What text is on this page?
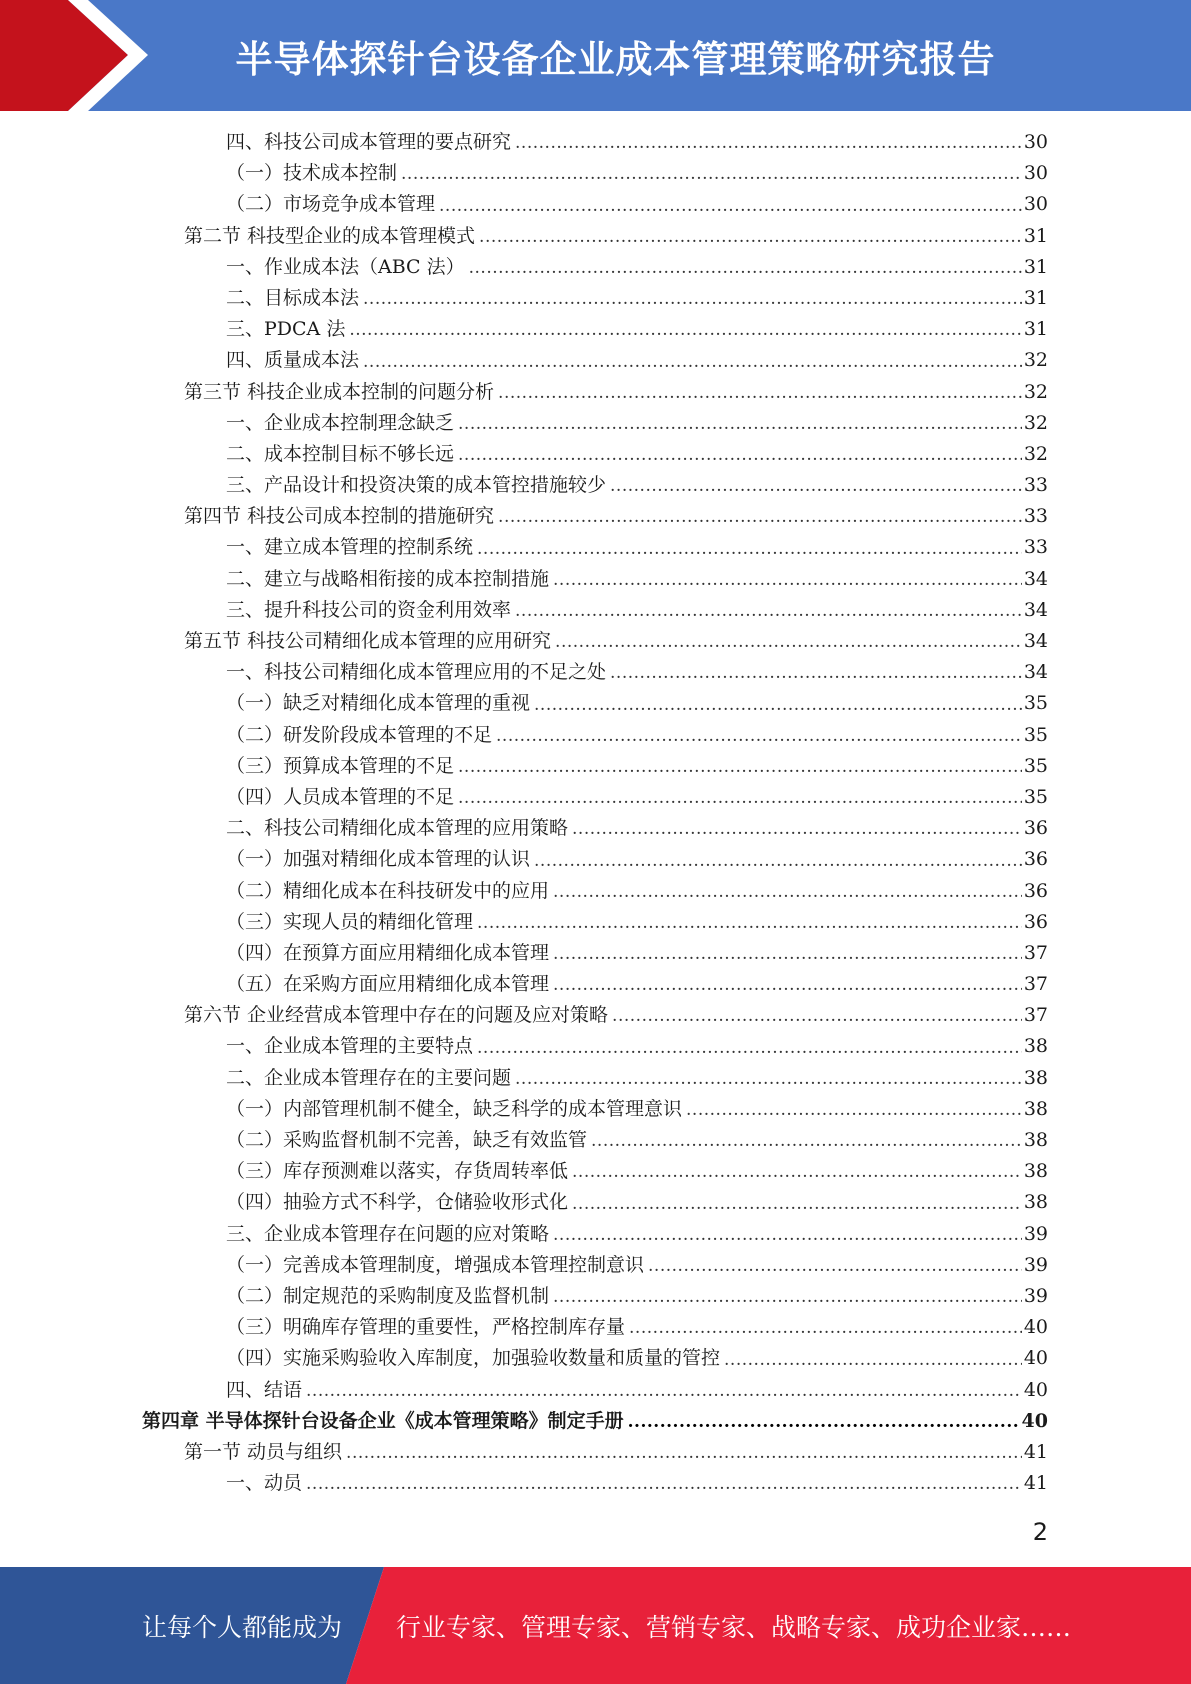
半导体探针台设备企业成本管理策略研究报告
四、科技公司成本管理的要点研究 .....	30
（一）技术成本控制 .....	30
（二）市场竞争成本管理 .....	30
第二节 科技型企业的成本管理模式 .....	31
一、作业成本法（ABC 法） .....	31
二、目标成本法 .....	31
三、PDCA 法 .....	31
四、质量成本法 .....	32
第三节 科技企业成本控制的问题分析 .....	32
一、企业成本控制理念缺乏 .....	32
二、成本控制目标不够长远 .....	32
三、产品设计和投资决策的成本管控措施较少 .....	33
第四节 科技公司成本控制的措施研究 .....	33
一、建立成本管理的控制系统 .....	33
二、建立与战略相衔接的成本控制措施 .....	34
三、提升科技公司的资金利用效率 .....	34
第五节 科技公司精细化成本管理的应用研究 .....	34
一、科技公司精细化成本管理应用的不足之处 .....	34
（一）缺乏对精细化成本管理的重视 .....	35
（二）研发阶段成本管理的不足 .....	35
（三）预算成本管理的不足 .....	35
（四）人员成本管理的不足 .....	35
二、科技公司精细化成本管理的应用策略 .....	36
（一）加强对精细化成本管理的认识 .....	36
（二）精细化成本在科技研发中的应用 .....	36
（三）实现人员的精细化管理 .....	36
（四）在预算方面应用精细化成本管理 .....	37
（五）在采购方面应用精细化成本管理 .....	37
第六节 企业经营成本管理中存在的问题及应对策略 .....	37
一、企业成本管理的主要特点 .....	38
二、企业成本管理存在的主要问题 .....	38
（一）内部管理机制不健全，缺乏科学的成本管理意识 .....	38
（二）采购监督机制不完善，缺乏有效监管 .....	38
（三）库存预测难以落实，存货周转率低 .....	38
（四）抽验方式不科学，仓储验收形式化 .....	38
三、企业成本管理存在问题的应对策略 .....	39
（一）完善成本管理制度，增强成本管理控制意识 .....	39
（二）制定规范的采购制度及监督机制 .....	39
（三）明确库存管理的重要性，严格控制库存量 .....	40
（四）实施采购验收入库制度，加强验收数量和质量的管控 .....	40
四、结语 .....	40
第四章 半导体探针台设备企业《成本管理策略》制定手册 .....	40
第一节 动员与组织 .....	41
一、动员 .....	41
2
让每个人都能成为 行业专家、管理专家、营销专家、战略专家、成功企业家……
